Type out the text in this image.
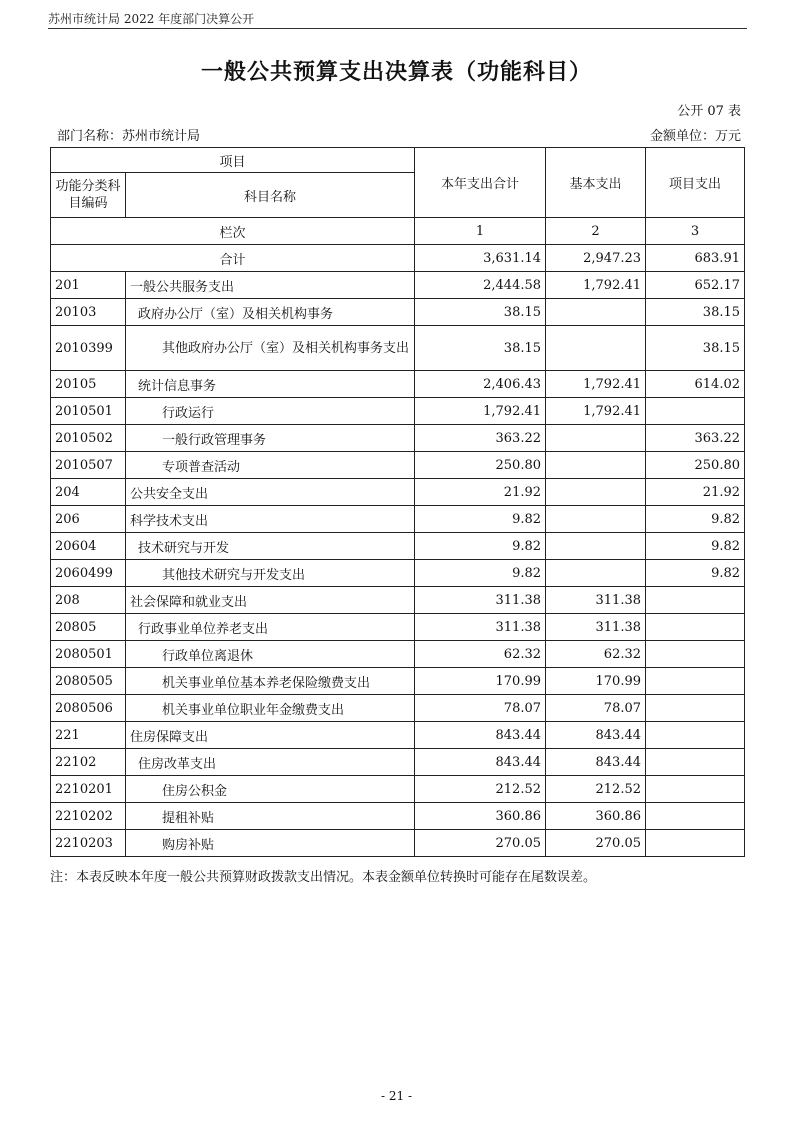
苏州市统计局 2022 年度部门决算公开
一般公共预算支出决算表（功能科目）
公开 07 表
部门名称：苏州市统计局	金额单位：万元
项目		本年支出合计	基本支出	项目支出
功能分类科目编码	科目名称			
栏次		1	2	3
合计		3,631.14	2,947.23	683.91
201	一般公共服务支出	2,444.58	1,792.41	652.17
20103	政府办公厅（室）及相关机构事务	38.15		38.15
2010399	其他政府办公厅（室）及相关机构事务支出	38.15		38.15
20105	统计信息事务	2,406.43	1,792.41	614.02
2010501	行政运行	1,792.41	1,792.41	
2010502	一般行政管理事务	363.22		363.22
2010507	专项普查活动	250.80		250.80
204	公共安全支出	21.92		21.92
206	科学技术支出	9.82		9.82
20604	技术研究与开发	9.82		9.82
2060499	其他技术研究与开发支出	9.82		9.82
208	社会保障和就业支出	311.38	311.38	
20805	行政事业单位养老支出	311.38	311.38	
2080501	行政单位离退休	62.32	62.32	
2080505	机关事业单位基本养老保险缴费支出	170.99	170.99	
2080506	机关事业单位职业年金缴费支出	78.07	78.07	
221	住房保障支出	843.44	843.44	
22102	住房改革支出	843.44	843.44	
2210201	住房公积金	212.52	212.52	
2210202	提租补贴	360.86	360.86	
2210203	购房补贴	270.05	270.05	
注：本表反映本年度一般公共预算财政拨款支出情况。本表金额单位转换时可能存在尾数误差。
- 21 -
